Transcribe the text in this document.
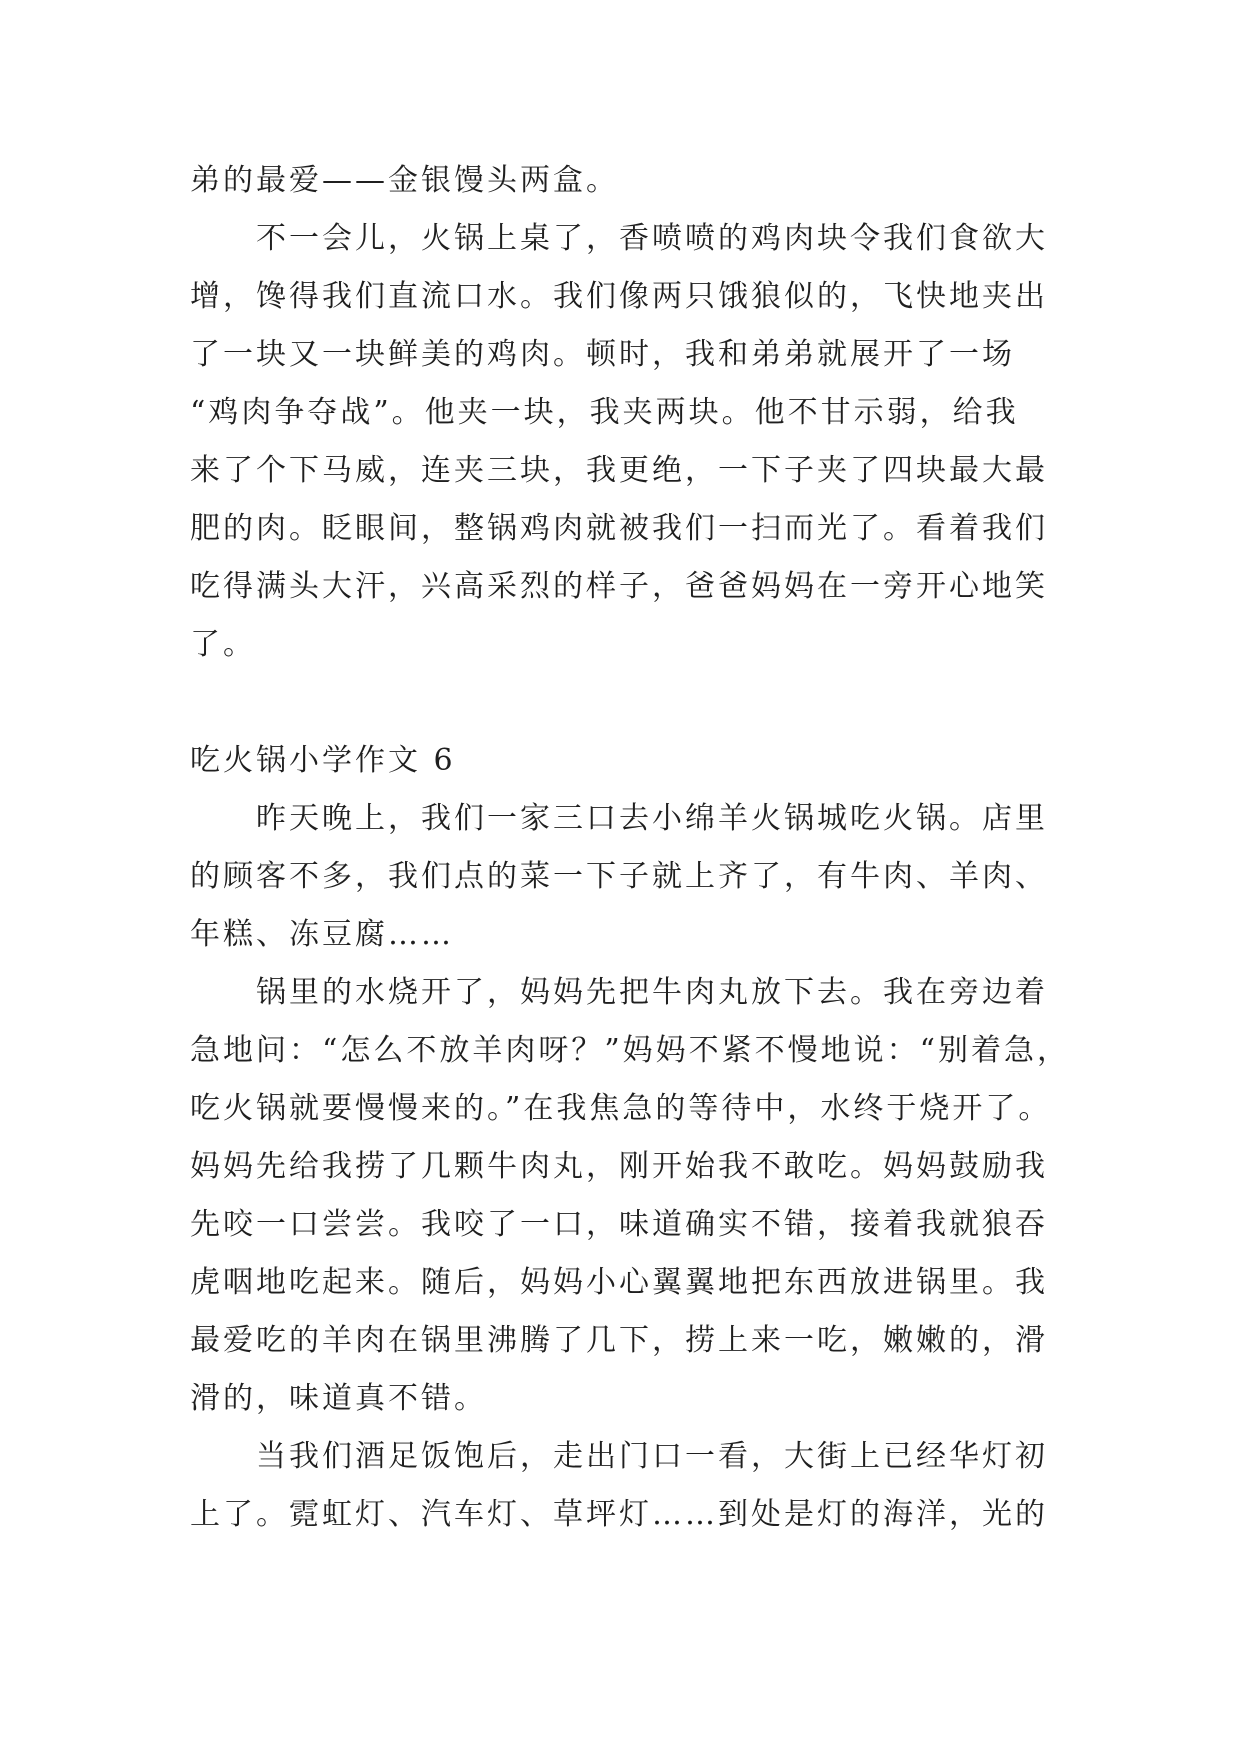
弟的最爱——金银馒头两盒。
不一会儿，火锅上桌了，香喷喷的鸡肉块令我们食欲大
增，馋得我们直流口水。我们像两只饿狼似的，飞快地夹出
了一块又一块鲜美的鸡肉。顿时，我和弟弟就展开了一场
“鸡肉争夺战”。他夹一块，我夹两块。他不甘示弱，给我
来了个下马威，连夹三块，我更绝，一下子夹了四块最大最
肥的肉。眨眼间，整锅鸡肉就被我们一扫而光了。看着我们
吃得满头大汗，兴高采烈的样子，爸爸妈妈在一旁开心地笑
了。
吃火锅小学作文 6
昨天晚上，我们一家三口去小绵羊火锅城吃火锅。店里
的顾客不多，我们点的菜一下子就上齐了，有牛肉、羊肉、
年糕、冻豆腐……
锅里的水烧开了，妈妈先把牛肉丸放下去。我在旁边着
急地问：“怎么不放羊肉呀？”妈妈不紧不慢地说：“别着急，
吃火锅就要慢慢来的。”在我焦急的等待中，水终于烧开了。
妈妈先给我捞了几颗牛肉丸，刚开始我不敢吃。妈妈鼓励我
先咬一口尝尝。我咬了一口，味道确实不错，接着我就狼吞
虎咽地吃起来。随后，妈妈小心翼翼地把东西放进锅里。我
最爱吃的羊肉在锅里沸腾了几下，捞上来一吃，嫩嫩的，滑
滑的，味道真不错。
当我们酒足饭饱后，走出门口一看，大街上已经华灯初
上了。霓虹灯、汽车灯、草坪灯……到处是灯的海洋，光的
